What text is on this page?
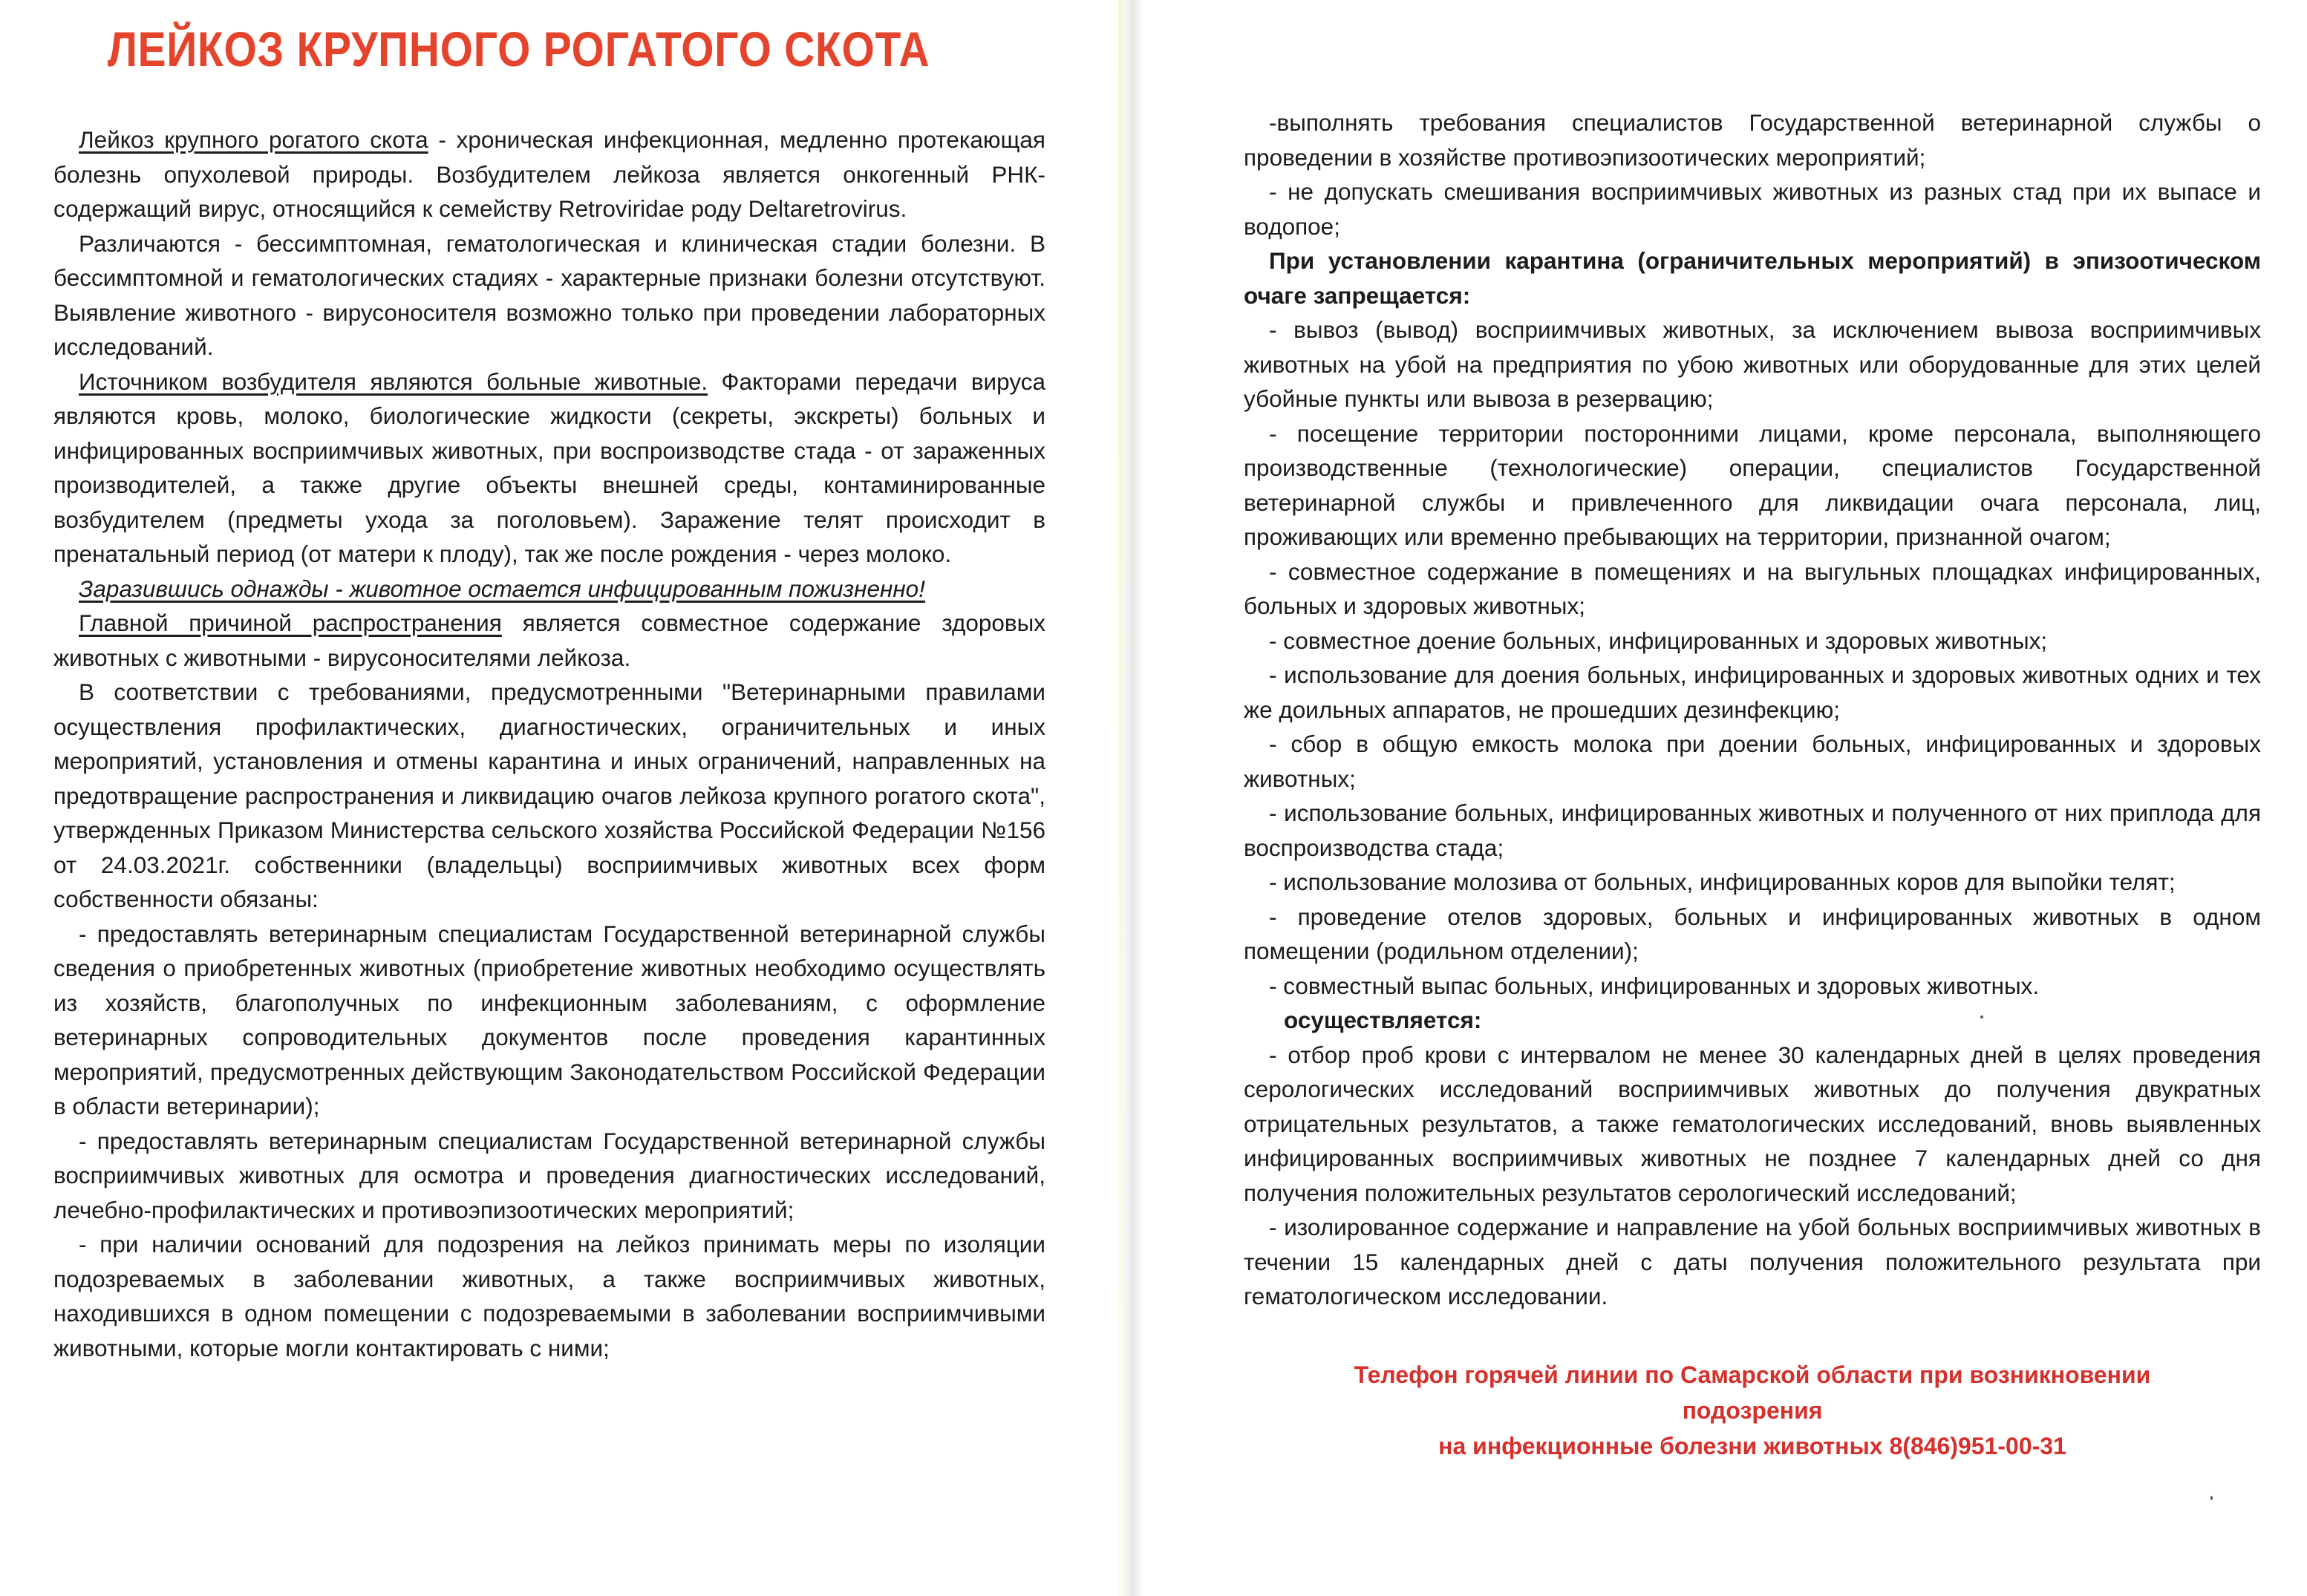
ЛЕЙКОЗ КРУПНОГО РОГАТОГО СКОТА

Лейкоз крупного рогатого скота - хроническая инфекционная, медленно протекающая болезнь опухолевой природы. Возбудителем лейкоза является онкогенный РНК-содержащий вирус, относящийся к семейству Retroviridae роду Deltaretrovirus.

Различаются - бессимптомная, гематологическая и клиническая стадии болезни. В бессимптомной и гематологических стадиях - характерные признаки болезни отсутствуют. Выявление животного - вирусоносителя возможно только при проведении лабораторных исследований.

Источником возбудителя являются больные животные. Факторами передачи вируса являются кровь, молоко, биологические жидкости (секреты, экскреты) больных и инфицированных восприимчивых животных, при воспроизводстве стада - от зараженных производителей, а также другие объекты внешней среды, контаминированные возбудителем (предметы ухода за поголовьем). Заражение телят происходит в пренатальный период (от матери к плоду), так же после рождения - через молоко.

Заразившись однажды - животное остается инфицированным пожизненно!

Главной причиной распространения является совместное содержание здоровых животных с животными - вирусоносителями лейкоза.

В соответствии с требованиями, предусмотренными "Ветеринарными правилами осуществления профилактических, диагностических, ограничительных и иных мероприятий, установления и отмены карантина и иных ограничений, направленных на предотвращение распространения и ликвидацию очагов лейкоза крупного рогатого скота", утвержденных Приказом Министерства сельского хозяйства Российской Федерации №156 от 24.03.2021г. собственники (владельцы) восприимчивых животных всех форм собственности обязаны:

- предоставлять ветеринарным специалистам Государственной ветеринарной службы сведения о приобретенных животных (приобретение животных необходимо осуществлять из хозяйств, благополучных по инфекционным заболеваниям, с оформление ветеринарных сопроводительных документов после проведения карантинных мероприятий, предусмотренных действующим Законодательством Российской Федерации в области ветеринарии);

- предоставлять ветеринарным специалистам Государственной ветеринарной службы восприимчивых животных для осмотра и проведения диагностических исследований, лечебно-профилактических и противоэпизоотических мероприятий;

- при наличии оснований для подозрения на лейкоз принимать меры по изоляции подозреваемых в заболевании животных, а также восприимчивых животных, находившихся в одном помещении с подозреваемыми в заболевании восприимчивыми животными, которые могли контактировать с ними;

-выполнять требования специалистов Государственной ветеринарной службы о проведении в хозяйстве противоэпизоотических мероприятий;

- не допускать смешивания восприимчивых животных из разных стад при их выпасе и водопое;

При установлении карантина (ограничительных мероприятий) в эпизоотическом очаге запрещается:

- вывоз (вывод) восприимчивых животных, за исключением вывоза восприимчивых животных на убой на предприятия по убою животных или оборудованные для этих целей убойные пункты или вывоза в резервацию;

- посещение территории посторонними лицами, кроме персонала, выполняющего производственные (технологические) операции, специалистов Государственной ветеринарной службы и привлеченного для ликвидации очага персонала, лиц, проживающих или временно пребывающих на территории, признанной очагом;

- совместное содержание в помещениях и на выгульных площадках инфицированных, больных и здоровых животных;

- совместное доение больных, инфицированных и здоровых животных;

- использование для доения больных, инфицированных и здоровых животных одних и тех же доильных аппаратов, не прошедших дезинфекцию;

- сбор в общую емкость молока при доении больных, инфицированных и здоровых животных;

- использование больных, инфицированных животных и полученного от них приплода для воспроизводства стада;

- использование молозива от больных, инфицированных коров для выпойки телят;

- проведение отелов здоровых, больных и инфицированных животных в одном помещении (родильном отделении);

- совместный выпас больных, инфицированных и здоровых животных.

осуществляется:

- отбор проб крови с интервалом не менее 30 календарных дней в целях проведения серологических исследований восприимчивых животных до получения двукратных отрицательных результатов, а также гематологических исследований, вновь выявленных инфицированных восприимчивых животных не позднее 7 календарных дней со дня получения положительных результатов серологический исследований;

- изолированное содержание и направление на убой больных восприимчивых животных в течении 15 календарных дней с даты получения положительного результата при гематологическом исследовании.

Телефон горячей линии по Самарской области при возникновении подозрения
на инфекционные болезни животных 8(846)951-00-31
